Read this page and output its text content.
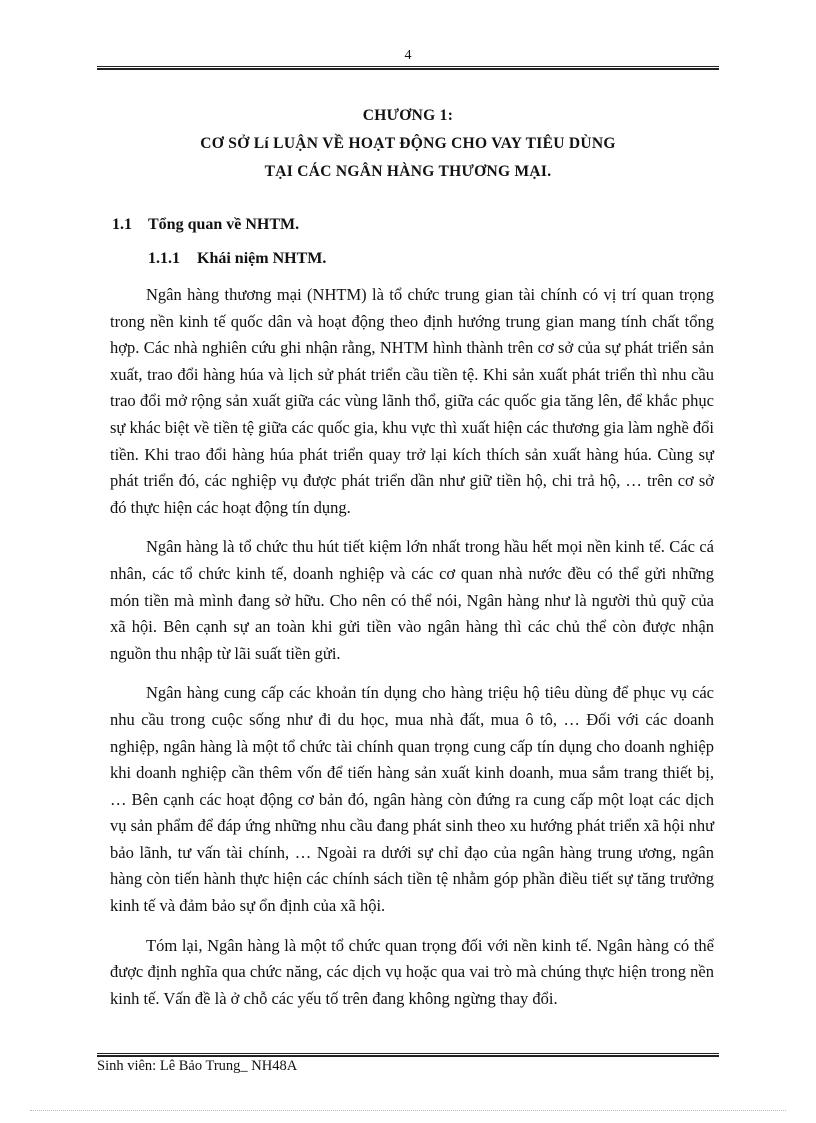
4
CHƯƠNG 1:
CƠ SỞ Lí LUẬN VỀ HOẠT ĐỘNG CHO VAY TIÊU DÙNG
TẠI CÁC NGÂN HÀNG THƯƠNG MẠI.
1.1 Tổng quan về NHTM.
1.1.1 Khái niệm NHTM.

Ngân hàng thương mại (NHTM) là tổ chức trung gian tài chính có vị trí quan trọng trong nền kinh tế quốc dân và hoạt động theo định hướng trung gian mang tính chất tổng hợp. Các nhà nghiên cứu ghi nhận rằng, NHTM hình thành trên cơ sở của sự phát triển sản xuất, trao đổi hàng húa và lịch sử phát triển cầu tiền tệ. Khi sản xuất phát triển thì nhu cầu trao đổi mở rộng sản xuất giữa các vùng lãnh thổ, giữa các quốc gia tăng lên, để khắc phục sự khác biệt về tiền tệ giữa các quốc gia, khu vực thì xuất hiện các thương gia làm nghề đổi tiền. Khi trao đổi hàng húa phát triển quay trở lại kích thích sản xuất hàng húa. Cùng sự phát triển đó, các nghiệp vụ được phát triển dần như giữ tiền hộ, chi trả hộ, … trên cơ sở đó thực hiện các hoạt động tín dụng.

Ngân hàng là tổ chức thu hút tiết kiệm lớn nhất trong hầu hết mọi nền kinh tế. Các cá nhân, các tổ chức kinh tế, doanh nghiệp và các cơ quan nhà nước đều có thể gửi những món tiền mà mình đang sở hữu. Cho nên có thể nói, Ngân hàng như là người thủ quỹ của xã hội. Bên cạnh sự an toàn khi gửi tiền vào ngân hàng thì các chủ thể còn được nhận nguồn thu nhập từ lãi suất tiền gửi.

Ngân hàng cung cấp các khoản tín dụng cho hàng triệu hộ tiêu dùng để phục vụ các nhu cầu trong cuộc sống như đi du học, mua nhà đất, mua ô tô, … Đối với các doanh nghiệp, ngân hàng là một tổ chức tài chính quan trọng cung cấp tín dụng cho doanh nghiệp khi doanh nghiệp cần thêm vốn để tiến hàng sản xuất kinh doanh, mua sắm trang thiết bị, … Bên cạnh các hoạt động cơ bản đó, ngân hàng còn đứng ra cung cấp một loạt các dịch vụ sản phẩm để đáp ứng những nhu cầu đang phát sinh theo xu hướng phát triển xã hội như bảo lãnh, tư vấn tài chính, … Ngoài ra dưới sự chỉ đạo của ngân hàng trung ương, ngân hàng còn tiến hành thực hiện các chính sách tiền tệ nhằm góp phần điều tiết sự tăng trưởng kinh tế và đảm bảo sự ổn định của xã hội.

Tóm lại, Ngân hàng là một tổ chức quan trọng đối với nền kinh tế. Ngân hàng có thể được định nghĩa qua chức năng, các dịch vụ hoặc qua vai trò mà chúng thực hiện trong nền kinh tế. Vấn đề là ở chỗ các yếu tố trên đang không ngừng thay đổi.

Sinh viên: Lê Bảo Trung_ NH48A
